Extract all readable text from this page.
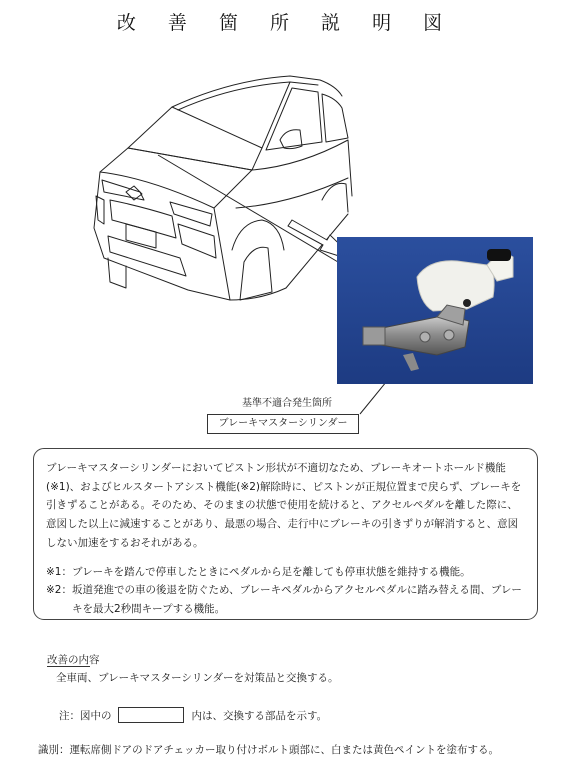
改 善 箇 所 説 明 図
基準不適合発生箇所
ブレーキマスターシリンダー

ブレーキマスターシリンダーにおいてピストン形状が不適切なため、ブレーキオートホールド機能(※1)、およびヒルスタートアシスト機能(※2)解除時に、ピストンが正規位置まで戻らず、ブレーキを引きずることがある。そのため、そのままの状態で使用を続けると、アクセルペダルを離した際に、意図した以上に減速することがあり、最悪の場合、走行中にブレーキの引きずりが解消すると、意図しない加速をするおそれがある。

※1： ブレーキを踏んで停車したときにペダルから足を離しても停車状態を維持する機能。

※2： 坂道発進での車の後退を防ぐため、ブレーキペダルからアクセルペダルに踏み替える間、ブレーキを最大2秒間キープする機能。

改善の内容
全車両、ブレーキマスターシリンダーを対策品と交換する。
注：図中の	内は、交換する部品を示す。
識別：運転席側ドアのドアチェッカー取り付けボルト頭部に、白または黄色ペイントを塗布する。
